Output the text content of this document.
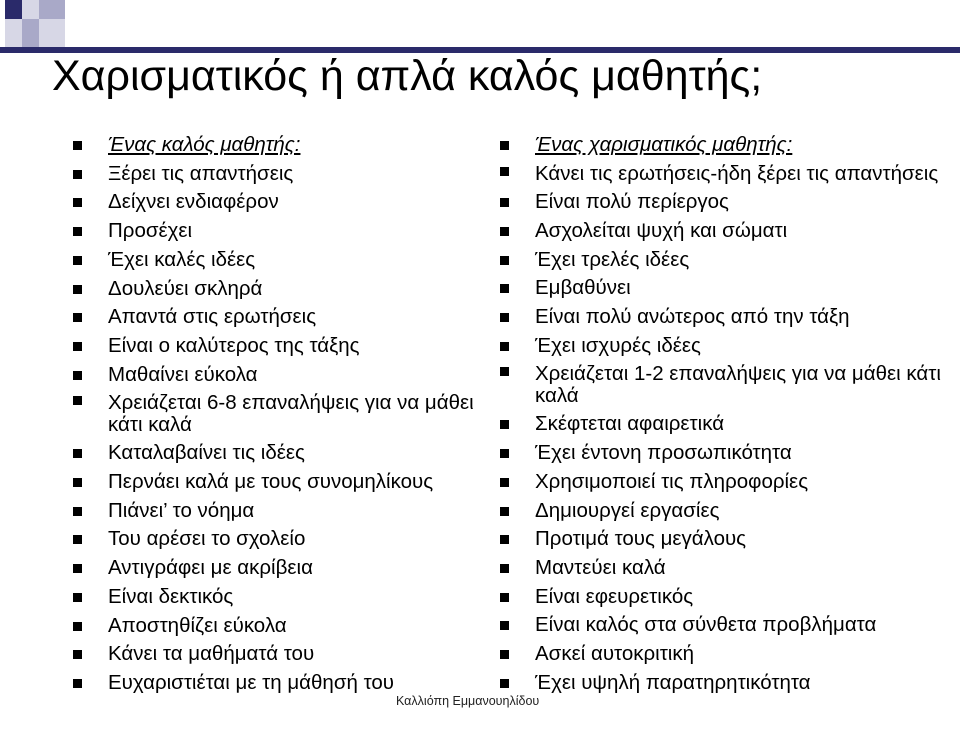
Χαρισματικός ή απλά καλός μαθητής;
Ένας καλός μαθητής:
Ξέρει τις απαντήσεις
Δείχνει ενδιαφέρον
Προσέχει
Έχει καλές ιδέες
Δουλεύει σκληρά
Απαντά στις ερωτήσεις
Είναι ο καλύτερος της τάξης
Μαθαίνει εύκολα
Χρειάζεται 6-8 επαναλήψεις για να μάθει κάτι καλά
Καταλαβαίνει τις ιδέες
Περνάει καλά με τους συνομηλίκους
Πιάνει’ το νόημα
Του αρέσει το σχολείο
Αντιγράφει με ακρίβεια
Είναι δεκτικός
Αποστηθίζει εύκολα
Κάνει τα μαθήματά του
Ευχαριστιέται με τη μάθησή του
Ένας χαρισματικός μαθητής:
Κάνει τις ερωτήσεις-ήδη ξέρει τις απαντήσεις
Είναι πολύ περίεργος
Ασχολείται ψυχή και σώματι
Έχει τρελές ιδέες
Εμβαθύνει
Είναι πολύ ανώτερος από την τάξη
Έχει ισχυρές ιδέες
Χρειάζεται 1-2 επαναλήψεις για να μάθει κάτι καλά
Σκέφτεται αφαιρετικά
Έχει έντονη προσωπικότητα
Χρησιμοποιεί τις πληροφορίες
Δημιουργεί εργασίες
Προτιμά τους μεγάλους
Μαντεύει καλά
Είναι εφευρετικός
Είναι καλός στα σύνθετα προβλήματα
Ασκεί αυτοκριτική
Έχει υψηλή παρατηρητικότητα
Καλλιόπη Εμμανουηλίδου
